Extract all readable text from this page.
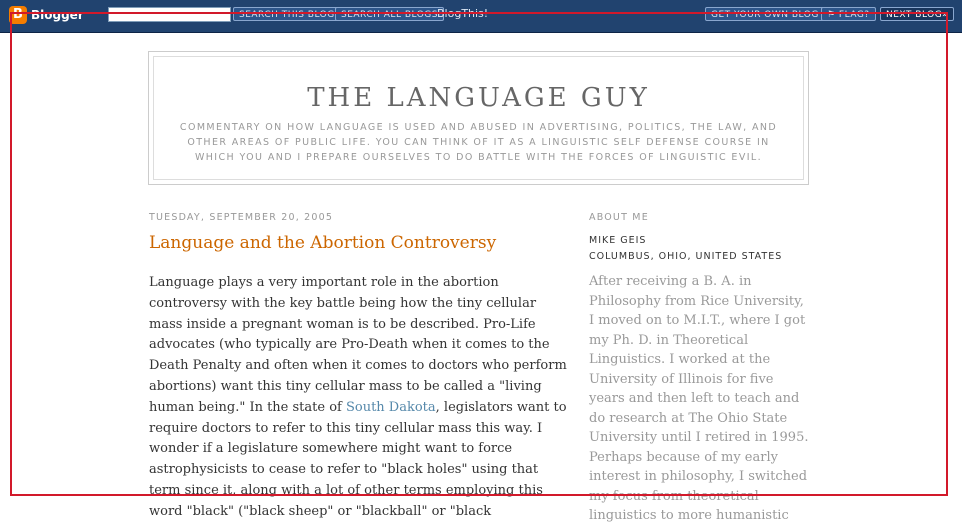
B Blogger	SEARCH THIS BLOG SEARCH ALL BLOGS BlogThis!	GET YOUR OWN BLOG ⚑ FLAG?	NEXT BLOG»
THE LANGUAGE GUY
COMMENTARY ON HOW LANGUAGE IS USED AND ABUSED IN ADVERTISING, POLITICS, THE LAW, AND OTHER AREAS OF PUBLIC LIFE. YOU CAN THINK OF IT AS A LINGUISTIC SELF DEFENSE COURSE IN WHICH YOU AND I PREPARE OURSELVES TO DO BATTLE WITH THE FORCES OF LINGUISTIC EVIL.
TUESDAY, SEPTEMBER 20, 2005
Language and the Abortion Controversy
Language plays a very important role in the abortion controversy with the key battle being how the tiny cellular mass inside a pregnant woman is to be described. Pro-Life advocates (who typically are Pro-Death when it comes to the Death Penalty and often when it comes to doctors who perform abortions) want this tiny cellular mass to be called a "living human being." In the state of South Dakota, legislators want to require doctors to refer to this tiny cellular mass this way. I wonder if a legislature somewhere might want to force astrophysicists to cease to refer to "black holes" using that term since it, along with a lot of other terms employing this word "black" ("black sheep" or "blackball" or "black
ABOUT ME
MIKE GEIS
COLUMBUS, OHIO, UNITED STATES
After receiving a B. A. in Philosophy from Rice University, I moved on to M.I.T., where I got my Ph. D. in Theoretical Linguistics. I worked at the University of Illinois for five years and then left to teach and do research at The Ohio State University until I retired in 1995. Perhaps because of my early interest in philosophy, I switched my focus from theoretical linguistics to more humanistic
